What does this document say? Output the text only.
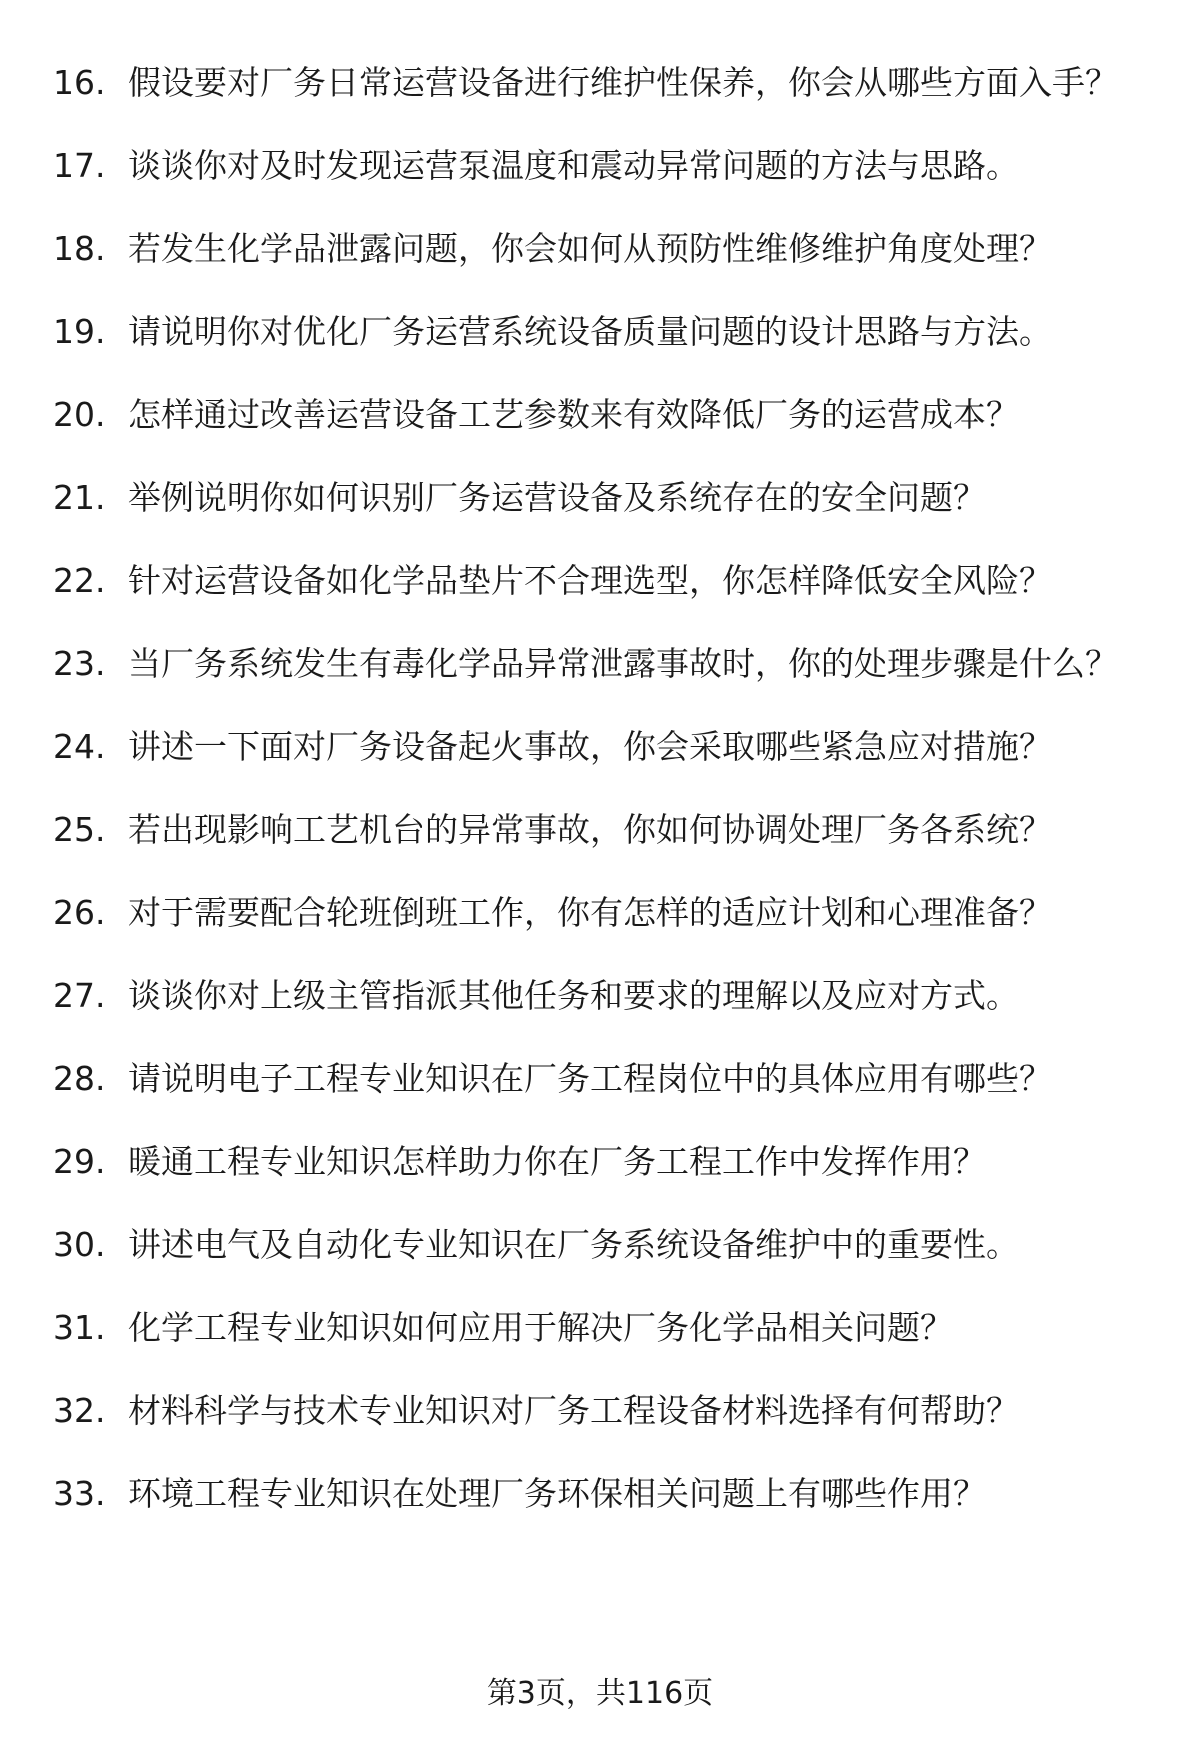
16. 假设要对厂务日常运营设备进行维护性保养，你会从哪些方面入手？
17. 谈谈你对及时发现运营泵温度和震动异常问题的方法与思路。
18. 若发生化学品泄露问题，你会如何从预防性维修维护角度处理？
19. 请说明你对优化厂务运营系统设备质量问题的设计思路与方法。
20. 怎样通过改善运营设备工艺参数来有效降低厂务的运营成本？
21. 举例说明你如何识别厂务运营设备及系统存在的安全问题？
22. 针对运营设备如化学品垫片不合理选型，你怎样降低安全风险？
23. 当厂务系统发生有毒化学品异常泄露事故时，你的处理步骤是什么？
24. 讲述一下面对厂务设备起火事故，你会采取哪些紧急应对措施？
25. 若出现影响工艺机台的异常事故，你如何协调处理厂务各系统？
26. 对于需要配合轮班倒班工作，你有怎样的适应计划和心理准备？
27. 谈谈你对上级主管指派其他任务和要求的理解以及应对方式。
28. 请说明电子工程专业知识在厂务工程岗位中的具体应用有哪些？
29. 暖通工程专业知识怎样助力你在厂务工程工作中发挥作用？
30. 讲述电气及自动化专业知识在厂务系统设备维护中的重要性。
31. 化学工程专业知识如何应用于解决厂务化学品相关问题？
32. 材料科学与技术专业知识对厂务工程设备材料选择有何帮助？
33. 环境工程专业知识在处理厂务环保相关问题上有哪些作用？
第3页，共116页
